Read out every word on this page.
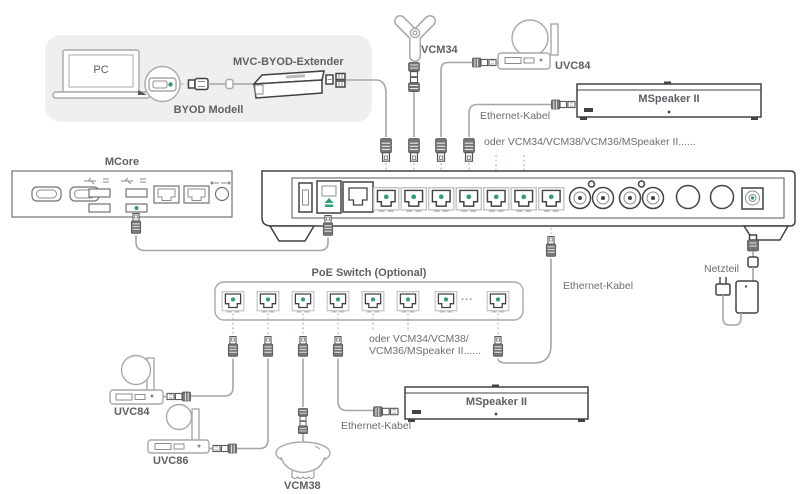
PC
MVC-BYOD-Extender
BYOD Modell
VCM34
UVC84
MSpeaker II
Ethernet-Kabel
oder VCM34/VCM38/VCM36/MSpeaker II......
MCore
Ethernet-Kabel
Netzteil
PoE Switch (Optional)
...
oder VCM34/VCM38/
VCM36/MSpeaker II......
UVC84
UVC86
VCM38
MSpeaker II
Ethernet-Kabel
